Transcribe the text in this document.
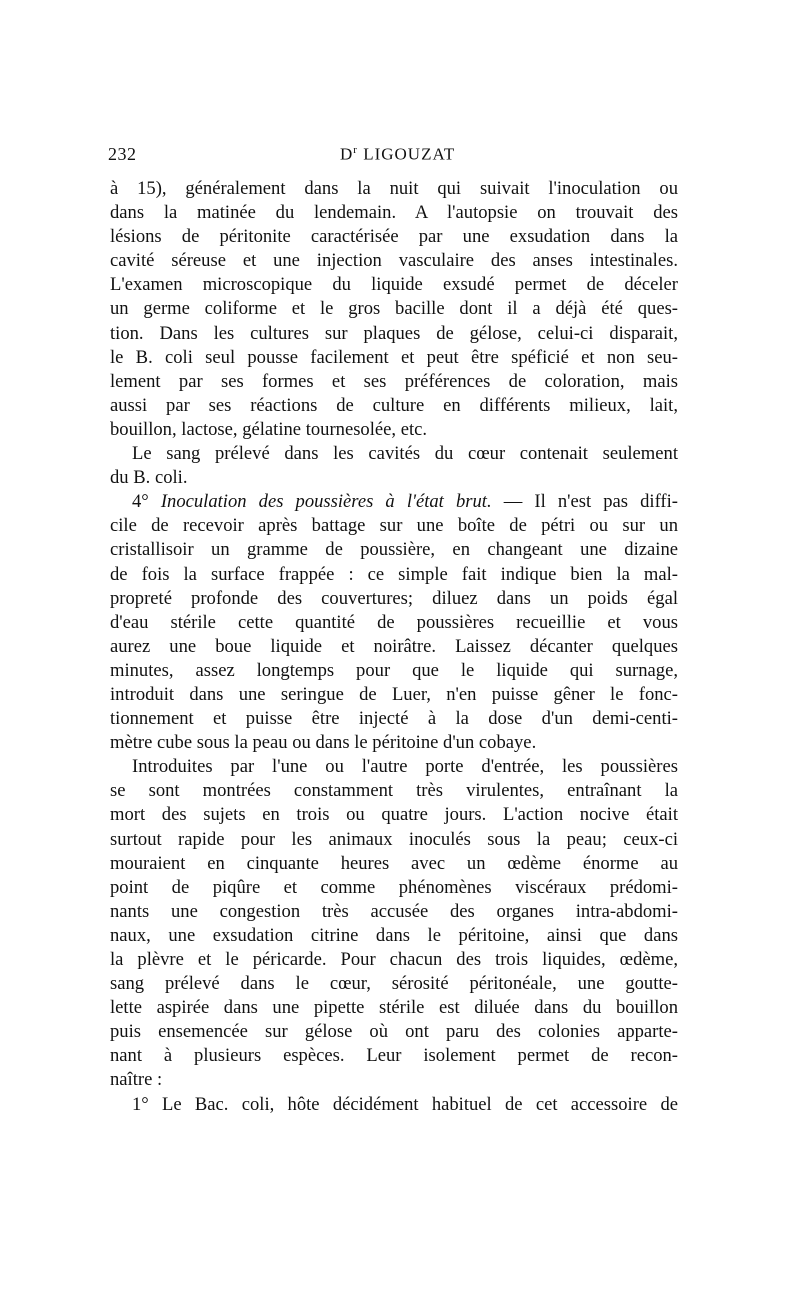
232	$D^r$ LIGOUZAT
à 15), généralement dans la nuit qui suivait l'inoculation ou
dans la matinée du lendemain. A l'autopsie on trouvait des
lésions de péritonite caractérisée par une exsudation dans la
cavité séreuse et une injection vasculaire des anses intestinales.
L'examen microscopique du liquide exsudé permet de déceler
un germe coliforme et le gros bacille dont il a déjà été ques-
tion. Dans les cultures sur plaques de gélose, celui-ci disparait,
le B. coli seul pousse facilement et peut être spéficié et non seu-
lement par ses formes et ses préférences de coloration, mais
aussi par ses réactions de culture en différents milieux, lait,
bouillon, lactose, gélatine tournesolée, etc.
Le sang prélevé dans les cavités du cœur contenait seulement
du B. coli.
4° Inoculation des poussières à l'état brut. — Il n'est pas diffi-
cile de recevoir après battage sur une boîte de pétri ou sur un
cristallisoir un gramme de poussière, en changeant une dizaine
de fois la surface frappée : ce simple fait indique bien la mal-
propreté profonde des couvertures; diluez dans un poids égal
d'eau stérile cette quantité de poussières recueillie et vous
aurez une boue liquide et noirâtre. Laissez décanter quelques
minutes, assez longtemps pour que le liquide qui surnage,
introduit dans une seringue de Luer, n'en puisse gêner le fonc-
tionnement et puisse être injecté à la dose d'un demi-centi-
mètre cube sous la peau ou dans le péritoine d'un cobaye.
Introduites par l'une ou l'autre porte d'entrée, les poussières
se sont montrées constamment très virulentes, entraînant la
mort des sujets en trois ou quatre jours. L'action nocive était
surtout rapide pour les animaux inoculés sous la peau; ceux-ci
mouraient en cinquante heures avec un œdème énorme au
point de piqûre et comme phénomènes viscéraux prédomi-
nants une congestion très accusée des organes intra-abdomi-
naux, une exsudation citrine dans le péritoine, ainsi que dans
la plèvre et le péricarde. Pour chacun des trois liquides, œdème,
sang prélevé dans le cœur, sérosité péritonéale, une goutte-
lette aspirée dans une pipette stérile est diluée dans du bouillon
puis ensemencée sur gélose où ont paru des colonies apparte-
nant à plusieurs espèces. Leur isolement permet de recon-
naître :
1° Le Bac. coli, hôte décidément habituel de cet accessoire de
